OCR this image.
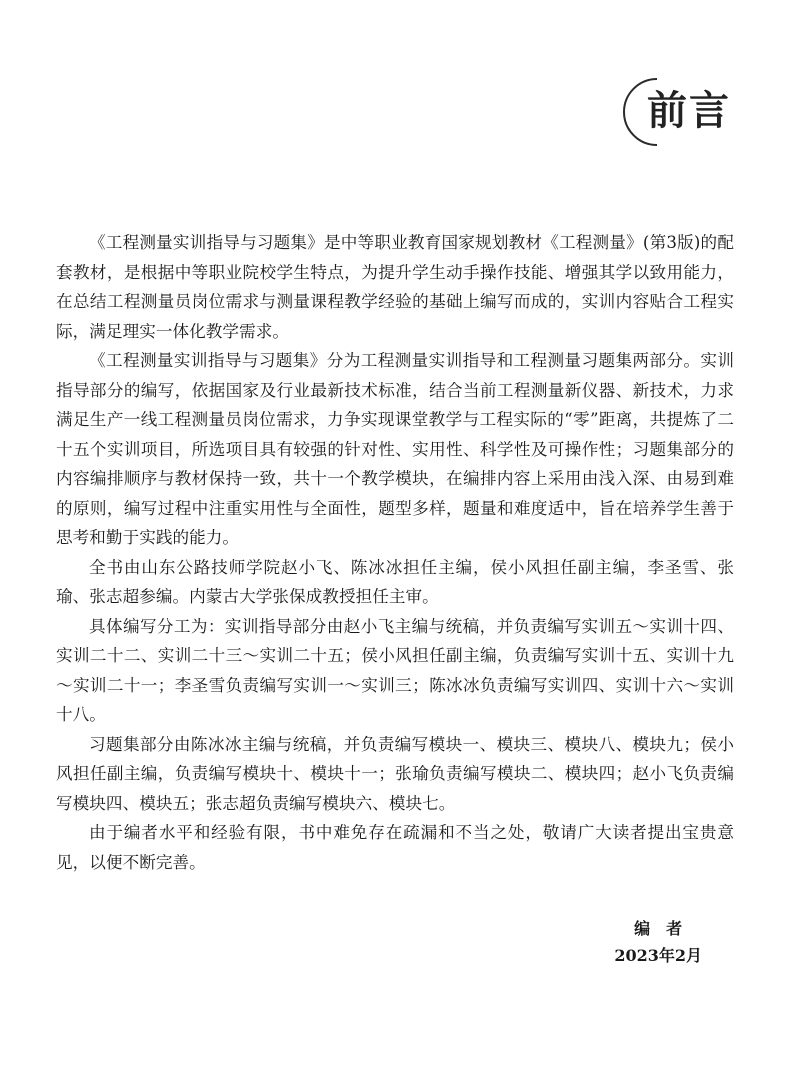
前言

《工程测量实训指导与习题集》是中等职业教育国家规划教材《工程测量》(第3版)的配套教材，是根据中等职业院校学生特点，为提升学生动手操作技能、增强其学以致用能力，在总结工程测量员岗位需求与测量课程教学经验的基础上编写而成的，实训内容贴合工程实际，满足理实一体化教学需求。

《工程测量实训指导与习题集》分为工程测量实训指导和工程测量习题集两部分。实训指导部分的编写，依据国家及行业最新技术标准，结合当前工程测量新仪器、新技术，力求满足生产一线工程测量员岗位需求，力争实现课堂教学与工程实际的“零”距离，共提炼了二十五个实训项目，所选项目具有较强的针对性、实用性、科学性及可操作性；习题集部分的内容编排顺序与教材保持一致，共十一个教学模块，在编排内容上采用由浅入深、由易到难的原则，编写过程中注重实用性与全面性，题型多样，题量和难度适中，旨在培养学生善于思考和勤于实践的能力。

全书由山东公路技师学院赵小飞、陈冰冰担任主编，侯小风担任副主编，李圣雪、张瑜、张志超参编。内蒙古大学张保成教授担任主审。

具体编写分工为：实训指导部分由赵小飞主编与统稿，并负责编写实训五～实训十四、实训二十二、实训二十三～实训二十五；侯小风担任副主编，负责编写实训十五、实训十九～实训二十一；李圣雪负责编写实训一～实训三；陈冰冰负责编写实训四、实训十六～实训十八。

习题集部分由陈冰冰主编与统稿，并负责编写模块一、模块三、模块八、模块九；侯小风担任副主编，负责编写模块十、模块十一；张瑜负责编写模块二、模块四；赵小飞负责编写模块四、模块五；张志超负责编写模块六、模块七。

由于编者水平和经验有限，书中难免存在疏漏和不当之处，敬请广大读者提出宝贵意见，以便不断完善。

编者
2023年2月
